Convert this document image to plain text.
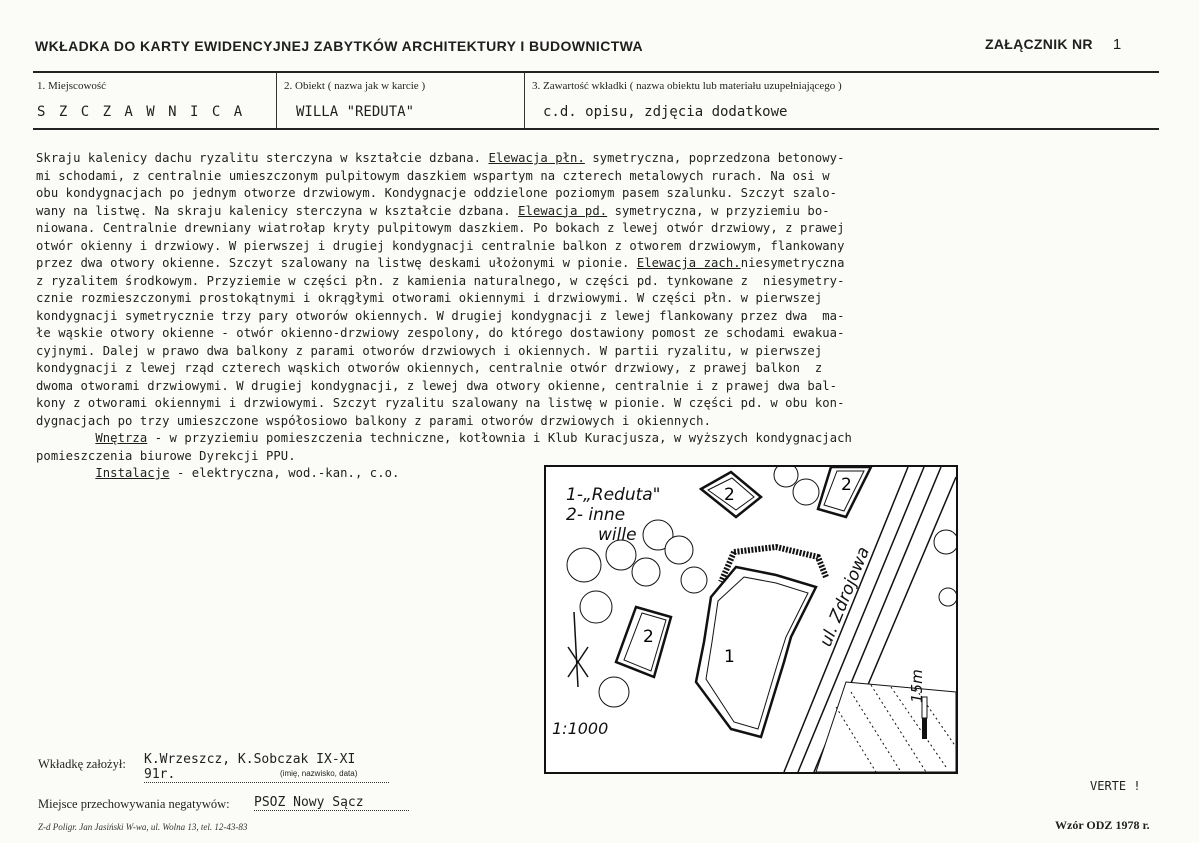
WKŁADKA DO KARTY EWIDENCYJNEJ ZABYTKÓW ARCHITEKTURY I BUDOWNICTWA	ZAŁĄCZNIK NR 1
1. Miejscowość
S Z C Z A W N I C A
2. Obiekt ( nazwa jak w karcie )
WILLA "REDUTA"
3. Zawartość wkładki ( nazwa obiektu lub materiału uzupełniającego )
c.d. opisu, zdjęcia dodatkowe
Skraju kalenicy dachu ryzalitu sterczyna w kształcie dzbana. Elewacja płn. symetryczna, poprzedzona betonowy-
mi schodami, z centralnie umieszczonym pulpitowym daszkiem wspartym na czterech metalowych rurach. Na osi w
obu kondygnacjach po jednym otworze drzwiowym. Kondygnacje oddzielone poziomym pasem szalunku. Szczyt szalo-
wany na listwę. Na skraju kalenicy sterczyna w kształcie dzbana. Elewacja pd. symetryczna, w przyziemiu bo-
niowana. Centralnie drewniany wiatrołap kryty pulpitowym daszkiem. Po bokach z lewej otwór drzwiowy, z prawej
otwór okienny i drzwiowy. W pierwszej i drugiej kondygnacji centralnie balkon z otworem drzwiowym, flankowany
przez dwa otwory okienne. Szczyt szalowany na listwę deskami ułożonymi w pionie. Elewacja zach.niesymetryczna
z ryzalitem środkowym. Przyziemie w części płn. z kamienia naturalnego, w części pd. tynkowane z  niesymetry-
cznie rozmieszczonymi prostokątnymi i okrągłymi otworami okiennymi i drzwiowymi. W części płn. w pierwszej
kondygnacji symetrycznie trzy pary otworów okiennych. W drugiej kondygnacji z lewej flankowany przez dwa  ma-
łe wąskie otwory okienne - otwór okienno-drzwiowy zespolony, do którego dostawiony pomost ze schodami ewakua-
cyjnymi. Dalej w prawo dwa balkony z parami otworów drzwiowych i okiennych. W partii ryzalitu, w pierwszej
kondygnacji z lewej rząd czterech wąskich otworów okiennych, centralnie otwór drzwiowy, z prawej balkon  z
dwoma otworami drzwiowymi. W drugiej kondygnacji, z lewej dwa otwory okienne, centralnie i z prawej dwa bal-
kony z otworami okiennymi i drzwiowymi. Szczyt ryzalitu szalowany na listwę w pionie. W części pd. w obu kon-
dygnacjach po trzy umieszczone współosiowo balkony z parami otworów drzwiowych i okiennych.
Wnętrza - w przyziemiu pomieszczenia techniczne, kotłownia i Klub Kuracjusza, w wyższych kondygnacjach
pomieszczenia biurowe Dyrekcji PPU.
Instalacje - elektryczna, wod.-kan., c.o.
1
2
2	2
1-„Reduta"
2- inne
wille
1:1000
ul. Zdrojowa
15m
Wkładkę założył: K.Wrzeszcz, K.Sobczak IX-XI 91r.	(imię, nazwisko, data)
VERTE !
Miejsce przechowywania negatywów: PSOZ Nowy Sącz
Z-d Poligr. Jan Jasiński W-wa, ul. Wolna 13, tel. 12-43-83	Wzór ODZ 1978 r.
